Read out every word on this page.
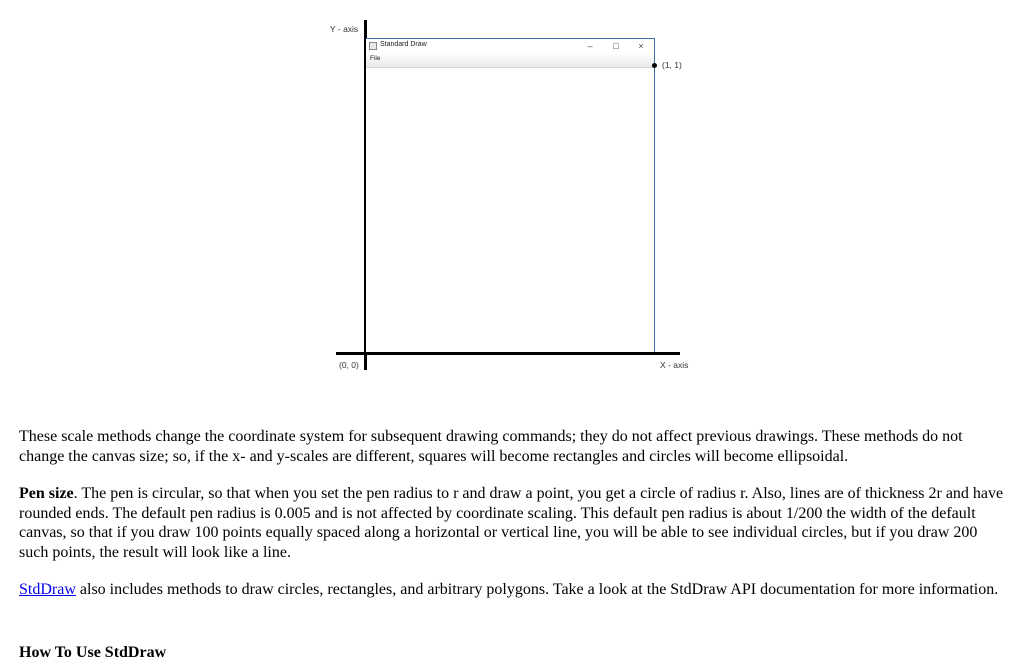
Y - axis
(0, 0)	X - axis
Standard Draw	–	□	×
File
(1, 1)

These scale methods change the coordinate system for subsequent drawing commands; they do not affect previous drawings. These methods do not change the canvas size; so, if the x- and y-scales are different, squares will become rectangles and circles will become ellipsoidal.

Pen size. The pen is circular, so that when you set the pen radius to r and draw a point, you get a circle of radius r. Also, lines are of thickness 2r and have rounded ends. The default pen radius is 0.005 and is not affected by coordinate scaling. This default pen radius is about 1/200 the width of the default canvas, so that if you draw 100 points equally spaced along a horizontal or vertical line, you will be able to see individual circles, but if you draw 200 such points, the result will look like a line.

StdDraw also includes methods to draw circles, rectangles, and arbitrary polygons. Take a look at the StdDraw API documentation for more information.

How To Use StdDraw
